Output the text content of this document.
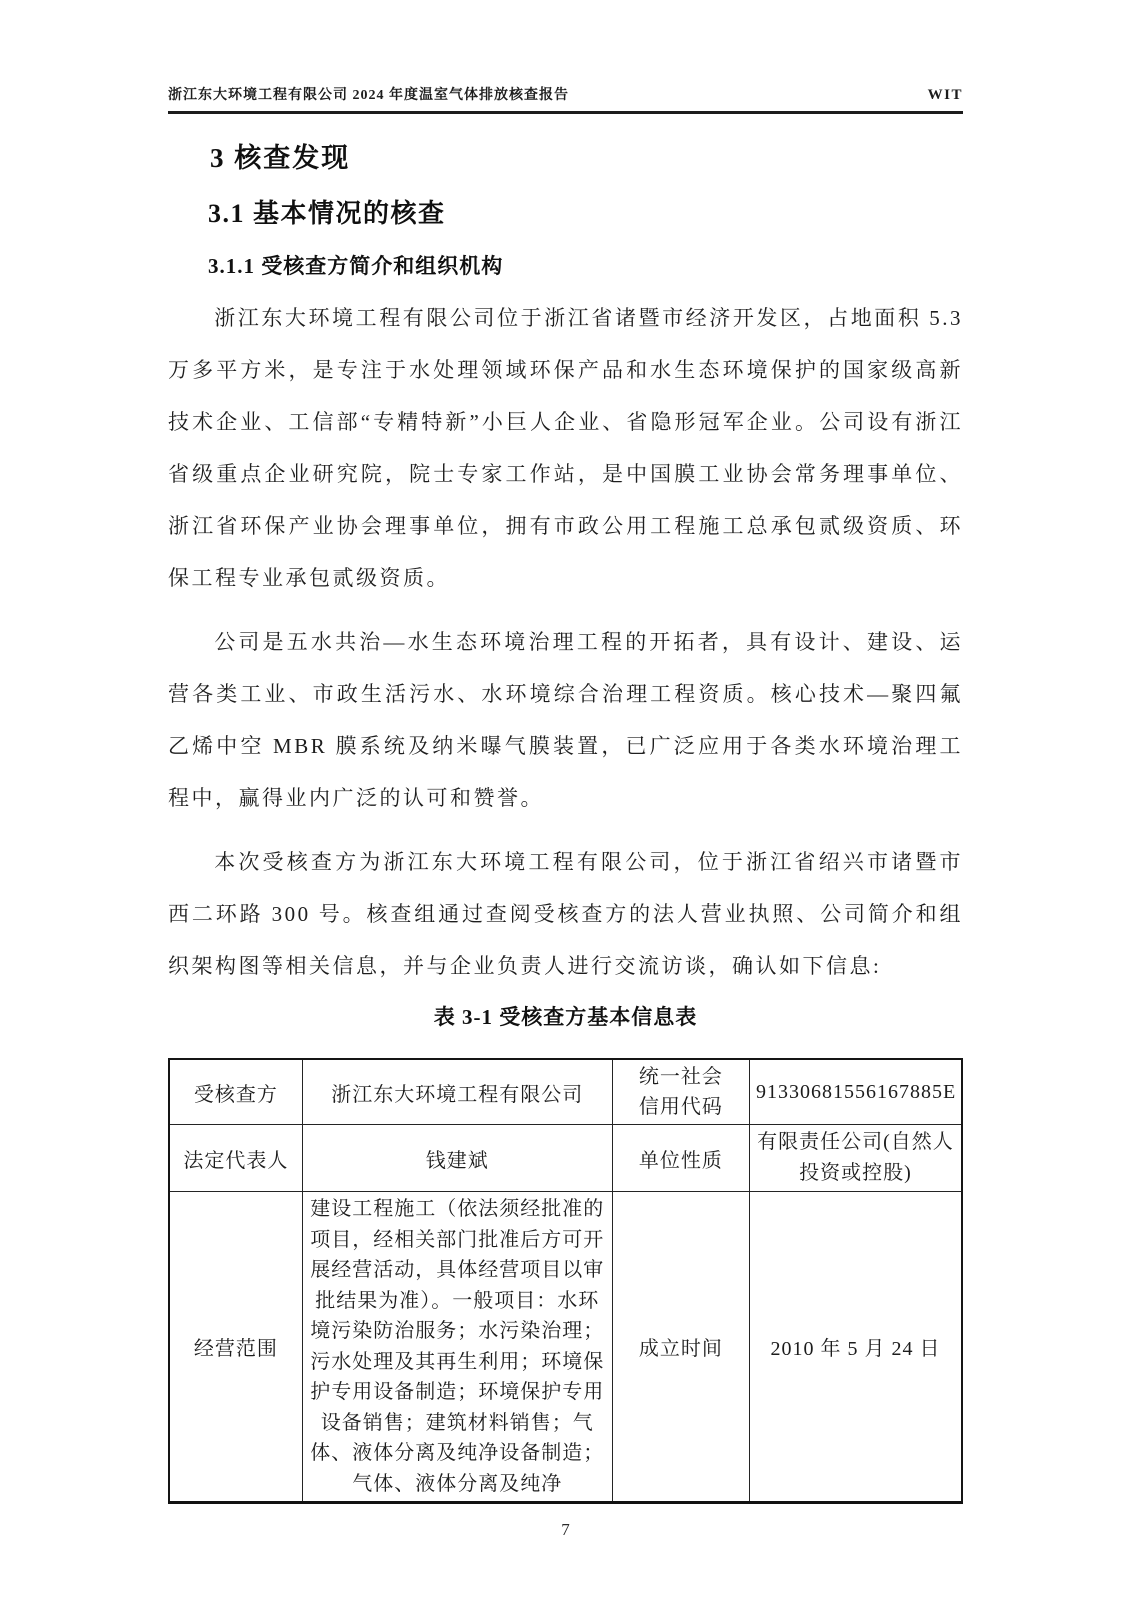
浙江东大环境工程有限公司 2024 年度温室气体排放核查报告	WIT
3 核查发现
3.1 基本情况的核查
3.1.1 受核查方简介和组织机构

浙江东大环境工程有限公司位于浙江省诸暨市经济开发区，占地面积 5.3 万多平方米，是专注于水处理领域环保产品和水生态环境保护的国家级高新技术企业、工信部“专精特新”小巨人企业、省隐形冠军企业。公司设有浙江省级重点企业研究院，院士专家工作站，是中国膜工业协会常务理事单位、浙江省环保产业协会理事单位，拥有市政公用工程施工总承包贰级资质、环保工程专业承包贰级资质。

公司是五水共治—水生态环境治理工程的开拓者，具有设计、建设、运营各类工业、市政生活污水、水环境综合治理工程资质。核心技术—聚四氟乙烯中空 MBR 膜系统及纳米曝气膜装置，已广泛应用于各类水环境治理工程中，赢得业内广泛的认可和赞誉。

本次受核查方为浙江东大环境工程有限公司，位于浙江省绍兴市诸暨市西二环路 300 号。核查组通过查阅受核查方的法人营业执照、公司简介和组织架构图等相关信息，并与企业负责人进行交流访谈，确认如下信息:

表 3-1 受核查方基本信息表
受核查方	浙江东大环境工程有限公司	统一社会信用代码	91330681556167885E
法定代表人	钱建斌	单位性质	有限责任公司(自然人投资或控股)
经营范围	建设工程施工（依法须经批准的项目，经相关部门批准后方可开展经营活动，具体经营项目以审批结果为准）。一般项目：水环境污染防治服务；水污染治理；污水处理及其再生利用；环境保护专用设备制造；环境保护专用设备销售；建筑材料销售；气体、液体分离及纯净设备制造；气体、液体分离及纯净	成立时间	2010 年 5 月 24 日
7
